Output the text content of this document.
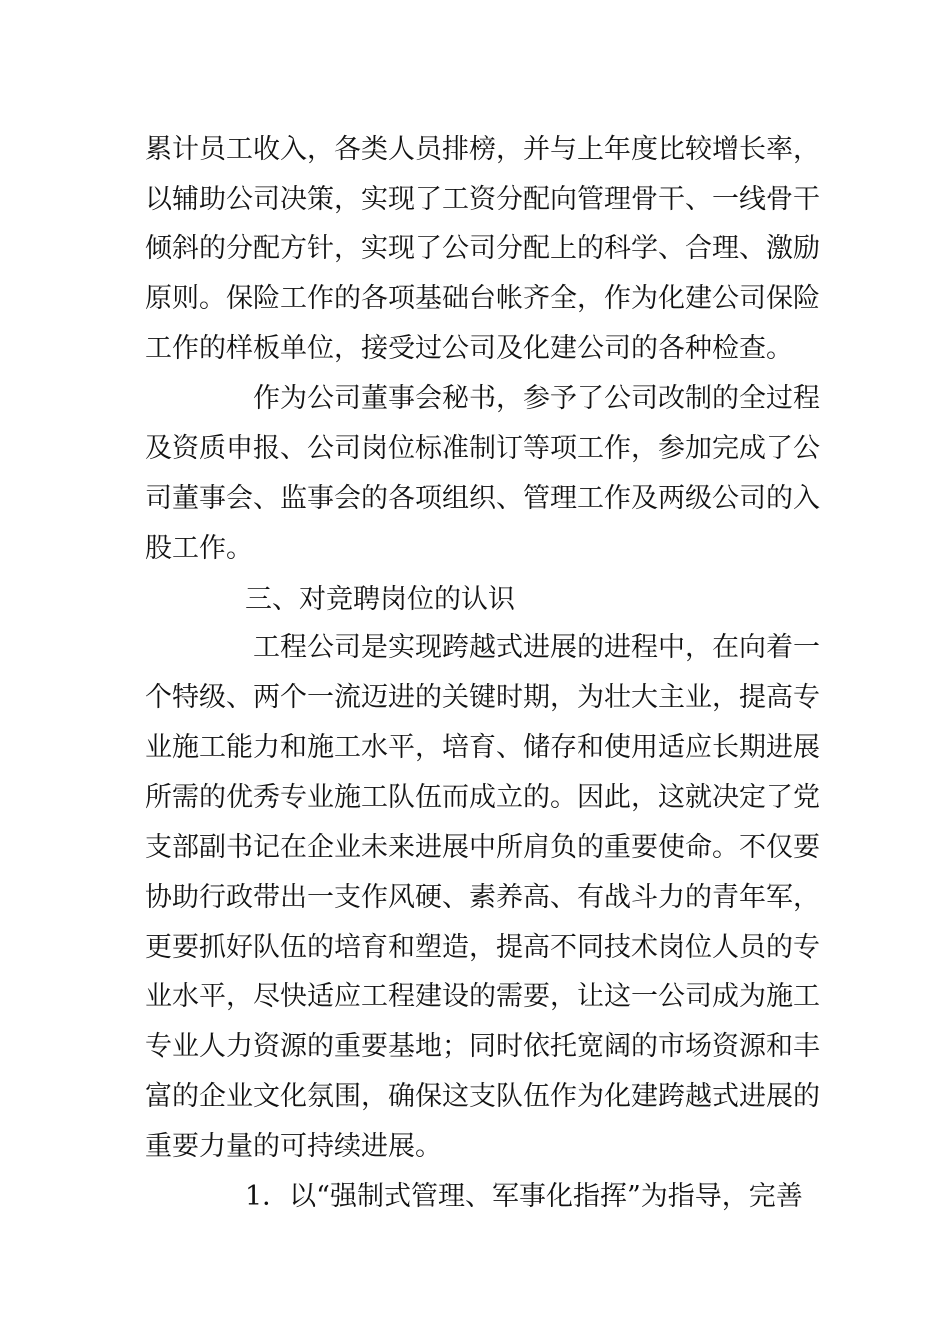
累计员工收入，各类人员排榜，并与上年度比较增长率，
以辅助公司决策，实现了工资分配向管理骨干、一线骨干
倾斜的分配方针，实现了公司分配上的科学、合理、激励
原则。保险工作的各项基础台帐齐全，作为化建公司保险
工作的样板单位，接受过公司及化建公司的各种检查。
作为公司董事会秘书，参予了公司改制的全过程
及资质申报、公司岗位标准制订等项工作，参加完成了公
司董事会、监事会的各项组织、管理工作及两级公司的入
股工作。
三、对竞聘岗位的认识
工程公司是实现跨越式进展的进程中，在向着一
个特级、两个一流迈进的关键时期，为壮大主业，提高专
业施工能力和施工水平，培育、储存和使用适应长期进展
所需的优秀专业施工队伍而成立的。因此，这就决定了党
支部副书记在企业未来进展中所肩负的重要使命。不仅要
协助行政带出一支作风硬、素养高、有战斗力的青年军，
更要抓好队伍的培育和塑造，提高不同技术岗位人员的专
业水平，尽快适应工程建设的需要，让这一公司成为施工
专业人力资源的重要基地；同时依托宽阔的市场资源和丰
富的企业文化氛围，确保这支队伍作为化建跨越式进展的
重要力量的可持续进展。
1．以“强制式管理、军事化指挥”为指导，完善
